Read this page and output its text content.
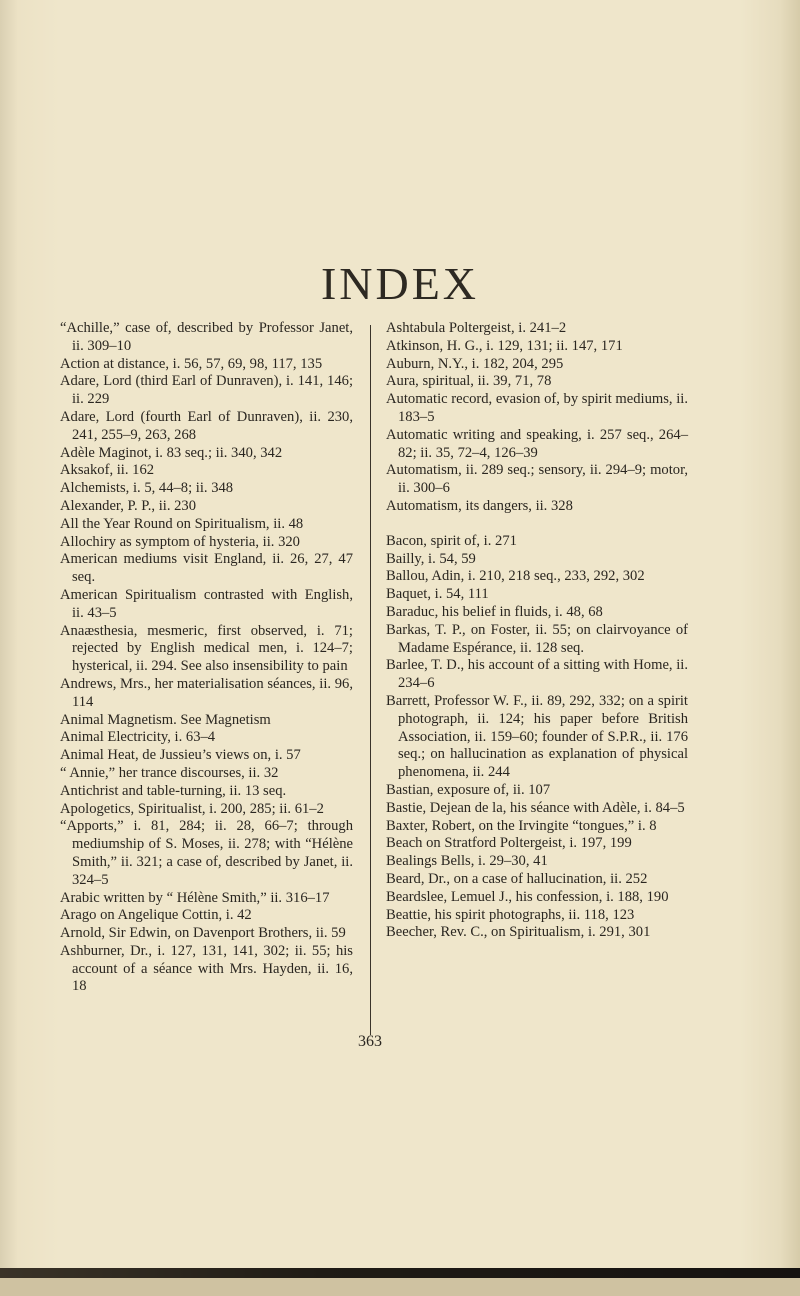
INDEX

“Achille,” case of, described by Professor Janet, ii. 309–10

Action at distance, i. 56, 57, 69, 98, 117, 135

Adare, Lord (third Earl of Dunraven), i. 141, 146; ii. 229

Adare, Lord (fourth Earl of Dunraven), ii. 230, 241, 255–9, 263, 268

Adèle Maginot, i. 83 seq.; ii. 340, 342

Aksakof, ii. 162

Alchemists, i. 5, 44–8; ii. 348

Alexander, P. P., ii. 230

All the Year Round on Spiritualism, ii. 48

Allochiry as symptom of hysteria, ii. 320

American mediums visit England, ii. 26, 27, 47 seq.

American Spiritualism contrasted with English, ii. 43–5

Anaæsthesia, mesmeric, first observed, i. 71; rejected by English medical men, i. 124–7; hysterical, ii. 294. See also insensibility to pain

Andrews, Mrs., her materialisation séances, ii. 96, 114

Animal Magnetism. See Magnetism

Animal Electricity, i. 63–4

Animal Heat, de Jussieu’s views on, i. 57

“ Annie,” her trance discourses, ii. 32

Antichrist and table-turning, ii. 13 seq.

Apologetics, Spiritualist, i. 200, 285; ii. 61–2

“Apports,” i. 81, 284; ii. 28, 66–7; through mediumship of S. Moses, ii. 278; with “Hélène Smith,” ii. 321; a case of, described by Janet, ii. 324–5

Arabic written by “ Hélène Smith,” ii. 316–17

Arago on Angelique Cottin, i. 42

Arnold, Sir Edwin, on Davenport Brothers, ii. 59

Ashburner, Dr., i. 127, 131, 141, 302; ii. 55; his account of a séance with Mrs. Hayden, ii. 16, 18

Ashtabula Poltergeist, i. 241–2

Atkinson, H. G., i. 129, 131; ii. 147, 171

Auburn, N.Y., i. 182, 204, 295

Aura, spiritual, ii. 39, 71, 78

Automatic record, evasion of, by spirit mediums, ii. 183–5

Automatic writing and speaking, i. 257 seq., 264–82; ii. 35, 72–4, 126–39

Automatism, ii. 289 seq.; sensory, ii. 294–9; motor, ii. 300–6

Automatism, its dangers, ii. 328

Bacon, spirit of, i. 271

Bailly, i. 54, 59

Ballou, Adin, i. 210, 218 seq., 233, 292, 302

Baquet, i. 54, 111

Baraduc, his belief in fluids, i. 48, 68

Barkas, T. P., on Foster, ii. 55; on clairvoyance of Madame Espérance, ii. 128 seq.

Barlee, T. D., his account of a sitting with Home, ii. 234–6

Barrett, Professor W. F., ii. 89, 292, 332; on a spirit photograph, ii. 124; his paper before British Association, ii. 159–60; founder of S.P.R., ii. 176 seq.; on hallucination as explanation of physical phenomena, ii. 244

Bastian, exposure of, ii. 107

Bastie, Dejean de la, his séance with Adèle, i. 84–5

Baxter, Robert, on the Irvingite “tongues,” i. 8

Beach on Stratford Poltergeist, i. 197, 199

Bealings Bells, i. 29–30, 41

Beard, Dr., on a case of hallucination, ii. 252

Beardslee, Lemuel J., his confession, i. 188, 190

Beattie, his spirit photographs, ii. 118, 123

Beecher, Rev. C., on Spiritualism, i. 291, 301

363
